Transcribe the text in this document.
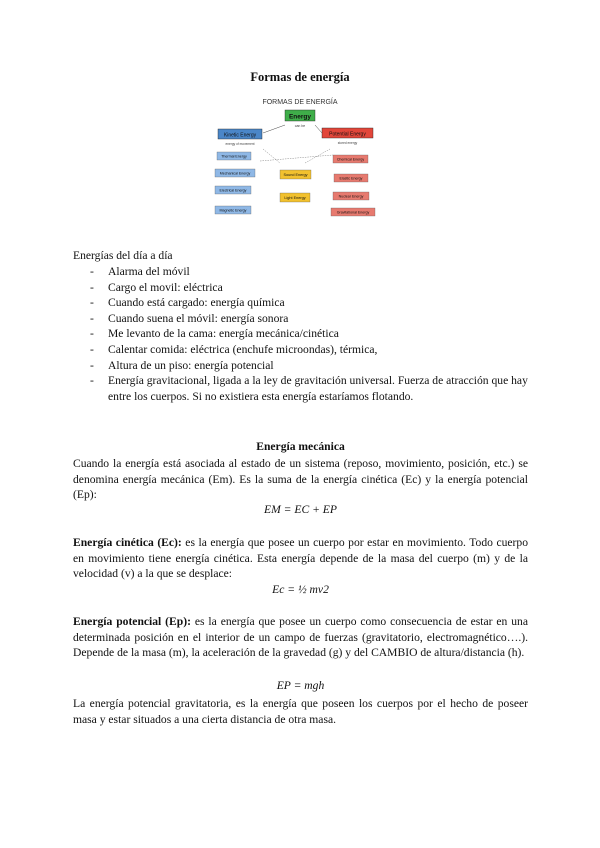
Formas de energía
FORMAS DE ENERGÍA
Energy
can be
Kinetic Energy
energy of movement
Potential Energy
stored energy
Thermal Energy
Mechanical Energy
Electrical Energy
Magnetic Energy
Sound Energy
Light Energy
Chemical Energy
Elastic Energy
Nuclear Energy
Gravitational Energy
Energías del día a día
- Alarma del móvil
- Cargo el movil: eléctrica
- Cuando está cargado: energía química
- Cuando suena el móvil: energía sonora
- Me levanto de la cama: energía mecánica/cinética
- Calentar comida: eléctrica (enchufe microondas), térmica,
- Altura de un piso: energía potencial
- Energía gravitacional, ligada a la ley de gravitación universal. Fuerza de atracción que hay entre los cuerpos. Si no existiera esta energía estaríamos flotando.
Energía mecánica
Cuando la energía está asociada al estado de un sistema (reposo, movimiento, posición, etc.) se denomina energía mecánica (Em). Es la suma de la energía cinética (Ec) y la energía potencial (Ep):
EM = EC + EP
Energía cinética (Ec): es la energía que posee un cuerpo por estar en movimiento. Todo cuerpo en movimiento tiene energía cinética. Esta energía depende de la masa del cuerpo (m) y de la velocidad (v) a la que se desplace:
Ec = ½ mv2
Energía potencial (Ep): es la energía que posee un cuerpo como consecuencia de estar en una determinada posición en el interior de un campo de fuerzas (gravitatorio, electromagnético….). Depende de la masa (m), la aceleración de la gravedad (g) y del CAMBIO de altura/distancia (h).
EP = mgh
La energía potencial gravitatoria, es la energía que poseen los cuerpos por el hecho de poseer masa y estar situados a una cierta distancia de otra masa.
